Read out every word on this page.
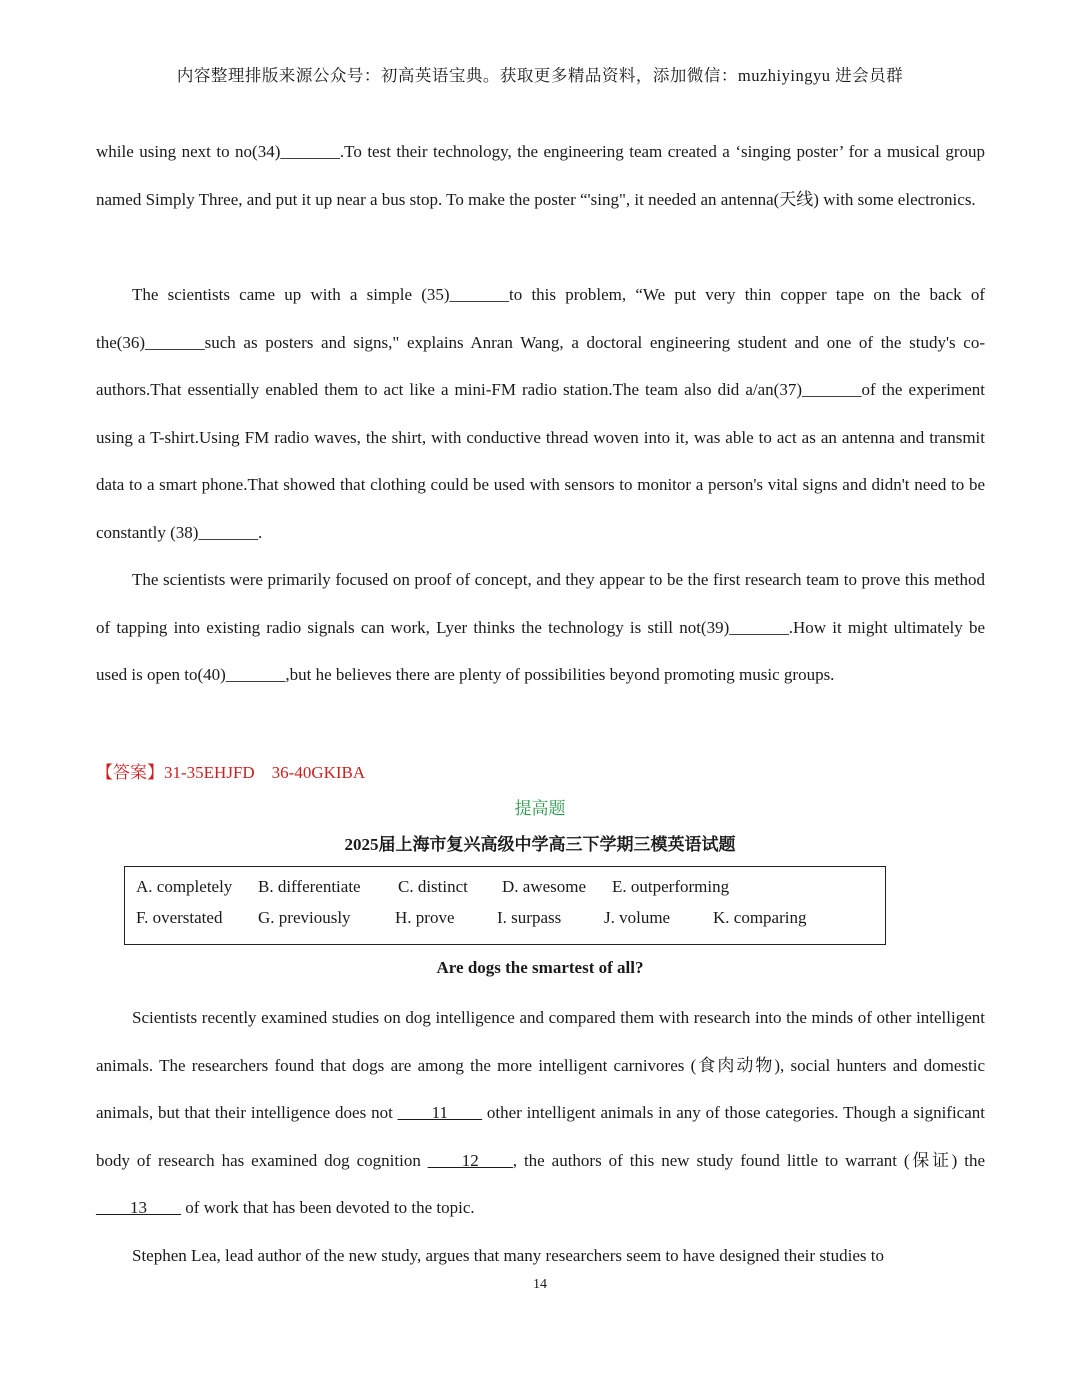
内容整理排版来源公众号：初高英语宝典。获取更多精品资料，添加微信：muzhiyingyu 进会员群
while using next to no(34)_______.To test their technology, the engineering team created a ‘singing poster’ for a musical group named Simply Three, and put it up near a bus stop. To make the poster “'sing", it needed an antenna(天线) with some electronics.
The scientists came up with a simple (35)_______to this problem, “We put very thin copper tape on the back of the(36)_______such as posters and signs," explains Anran Wang, a doctoral engineering student and one of the study's co-authors.That essentially enabled them to act like a mini-FM radio station.The team also did a/an(37)_______of the experiment using a T-shirt.Using FM radio waves, the shirt, with conductive thread woven into it, was able to act as an antenna and transmit data to a smart phone.That showed that clothing could be used with sensors to monitor a person's vital signs and didn't need to be constantly (38)_______.
The scientists were primarily focused on proof of concept, and they appear to be the first research team to prove this method of tapping into existing radio signals can work, Lyer thinks the technology is still not(39)_______.How it might ultimately be used is open to(40)_______,but he believes there are plenty of possibilities beyond promoting music groups.
【答案】31-35EHJFD    36-40GKIBA
提高题
2025届上海市复兴高级中学高三下学期三模英语试题
A. completely B. differentiate C. distinct D. awesome E. outperforming
F. overstated G. previously	H. prove	I. surpass	J. volume	K. comparing
Are dogs the smartest of all?
Scientists recently examined studies on dog intelligence and compared them with research into the minds of other intelligent animals. The researchers found that dogs are among the more intelligent carnivores (食肉动物), social hunters and domestic animals, but that their intelligence does not ____11____ other intelligent animals in any of those categories. Though a significant body of research has examined dog cognition ____12____, the authors of this new study found little to warrant (保证) the ____13____ of work that has been devoted to the topic.
Stephen Lea, lead author of the new study, argues that many researchers seem to have designed their studies to
14
